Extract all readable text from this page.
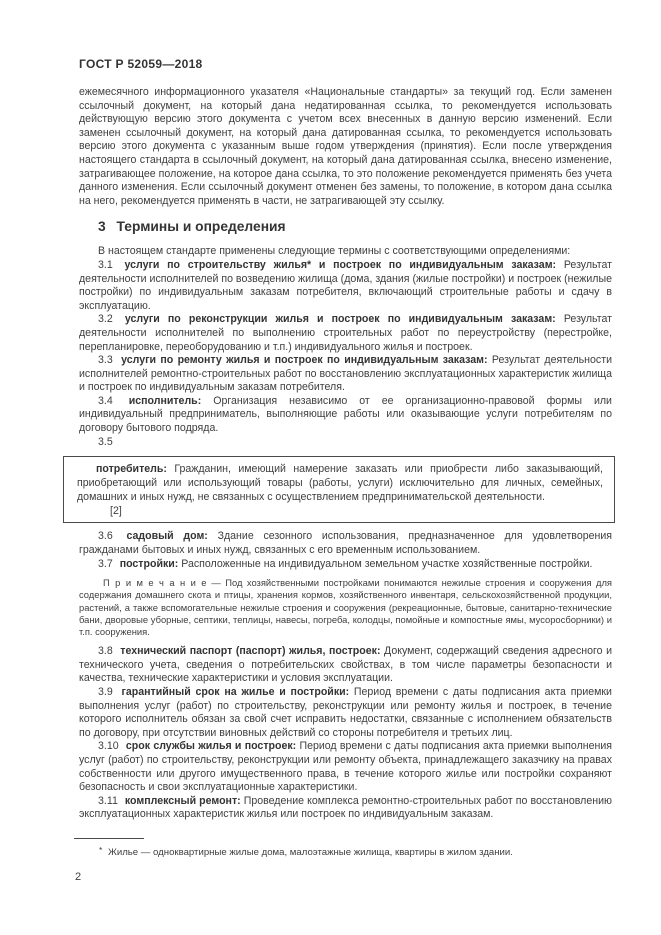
ГОСТ Р 52059—2018

ежемесячного информационного указателя «Национальные стандарты» за текущий год. Если заменен ссылочный документ, на который дана недатированная ссылка, то рекомендуется использовать действующую версию этого документа с учетом всех внесенных в данную версию изменений. Если заменен ссылочный документ, на который дана датированная ссылка, то рекомендуется использовать версию этого документа с указанным выше годом утверждения (принятия). Если после утверждения настоящего стандарта в ссылочный документ, на который дана датированная ссылка, внесено изменение, затрагивающее положение, на которое дана ссылка, то это положение рекомендуется применять без учета данного изменения. Если ссылочный документ отменен без замены, то положение, в котором дана ссылка на него, рекомендуется применять в части, не затрагивающей эту ссылку.

3 Термины и определения

В настоящем стандарте применены следующие термины с соответствующими определениями:

3.1 услуги по строительству жилья* и построек по индивидуальным заказам: Результат деятельности исполнителей по возведению жилища (дома, здания (жилые постройки) и построек (нежилые постройки) по индивидуальным заказам потребителя, включающий строительные работы и сдачу в эксплуатацию.

3.2 услуги по реконструкции жилья и построек по индивидуальным заказам: Результат деятельности исполнителей по выполнению строительных работ по переустройству (перестройке, перепланировке, переоборудованию и т.п.) индивидуального жилья и построек.

3.3 услуги по ремонту жилья и построек по индивидуальным заказам: Результат деятельности исполнителей ремонтно-строительных работ по восстановлению эксплуатационных характеристик жилища и построек по индивидуальным заказам потребителя.

3.4 исполнитель: Организация независимо от ее организационно-правовой формы или индивидуальный предприниматель, выполняющие работы или оказывающие услуги потребителям по договору бытового подряда.

3.5

потребитель: Гражданин, имеющий намерение заказать или приобрести либо заказывающий, приобретающий или использующий товары (работы, услуги) исключительно для личных, семейных, домашних и иных нужд, не связанных с осуществлением предпринимательской деятельности.

[2]

3.6 садовый дом: Здание сезонного использования, предназначенное для удовлетворения гражданами бытовых и иных нужд, связанных с его временным использованием.

3.7 постройки: Расположенные на индивидуальном земельном участке хозяйственные постройки.

П р и м е ч а н и е — Под хозяйственными постройками понимаются нежилые строения и сооружения для содержания домашнего скота и птицы, хранения кормов, хозяйственного инвентаря, сельскохозяйственной продукции, растений, а также вспомогательные нежилые строения и сооружения (рекреационные, бытовые, санитарно-технические бани, дворовые уборные, септики, теплицы, навесы, погреба, колодцы, помойные и компостные ямы, мусоросборники) и т.п. сооружения.

3.8 технический паспорт (паспорт) жилья, построек: Документ, содержащий сведения адресного и технического учета, сведения о потребительских свойствах, в том числе параметры безопасности и качества, технические характеристики и условия эксплуатации.

3.9 гарантийный срок на жилье и постройки: Период времени с даты подписания акта приемки выполнения услуг (работ) по строительству, реконструкции или ремонту жилья и построек, в течение которого исполнитель обязан за свой счет исправить недостатки, связанные с исполнением обязательств по договору, при отсутствии виновных действий со стороны потребителя и третьих лиц.

3.10 срок службы жилья и построек: Период времени с даты подписания акта приемки выполнения услуг (работ) по строительству, реконструкции или ремонту объекта, принадлежащего заказчику на правах собственности или другого имущественного права, в течение которого жилье или постройки сохраняют безопасность и свои эксплуатационные характеристики.

3.11 комплексный ремонт: Проведение комплекса ремонтно-строительных работ по восстановлению эксплуатационных характеристик жилья или построек по индивидуальным заказам.

* Жилье — одноквартирные жилые дома, малоэтажные жилища, квартиры в жилом здании.

2
